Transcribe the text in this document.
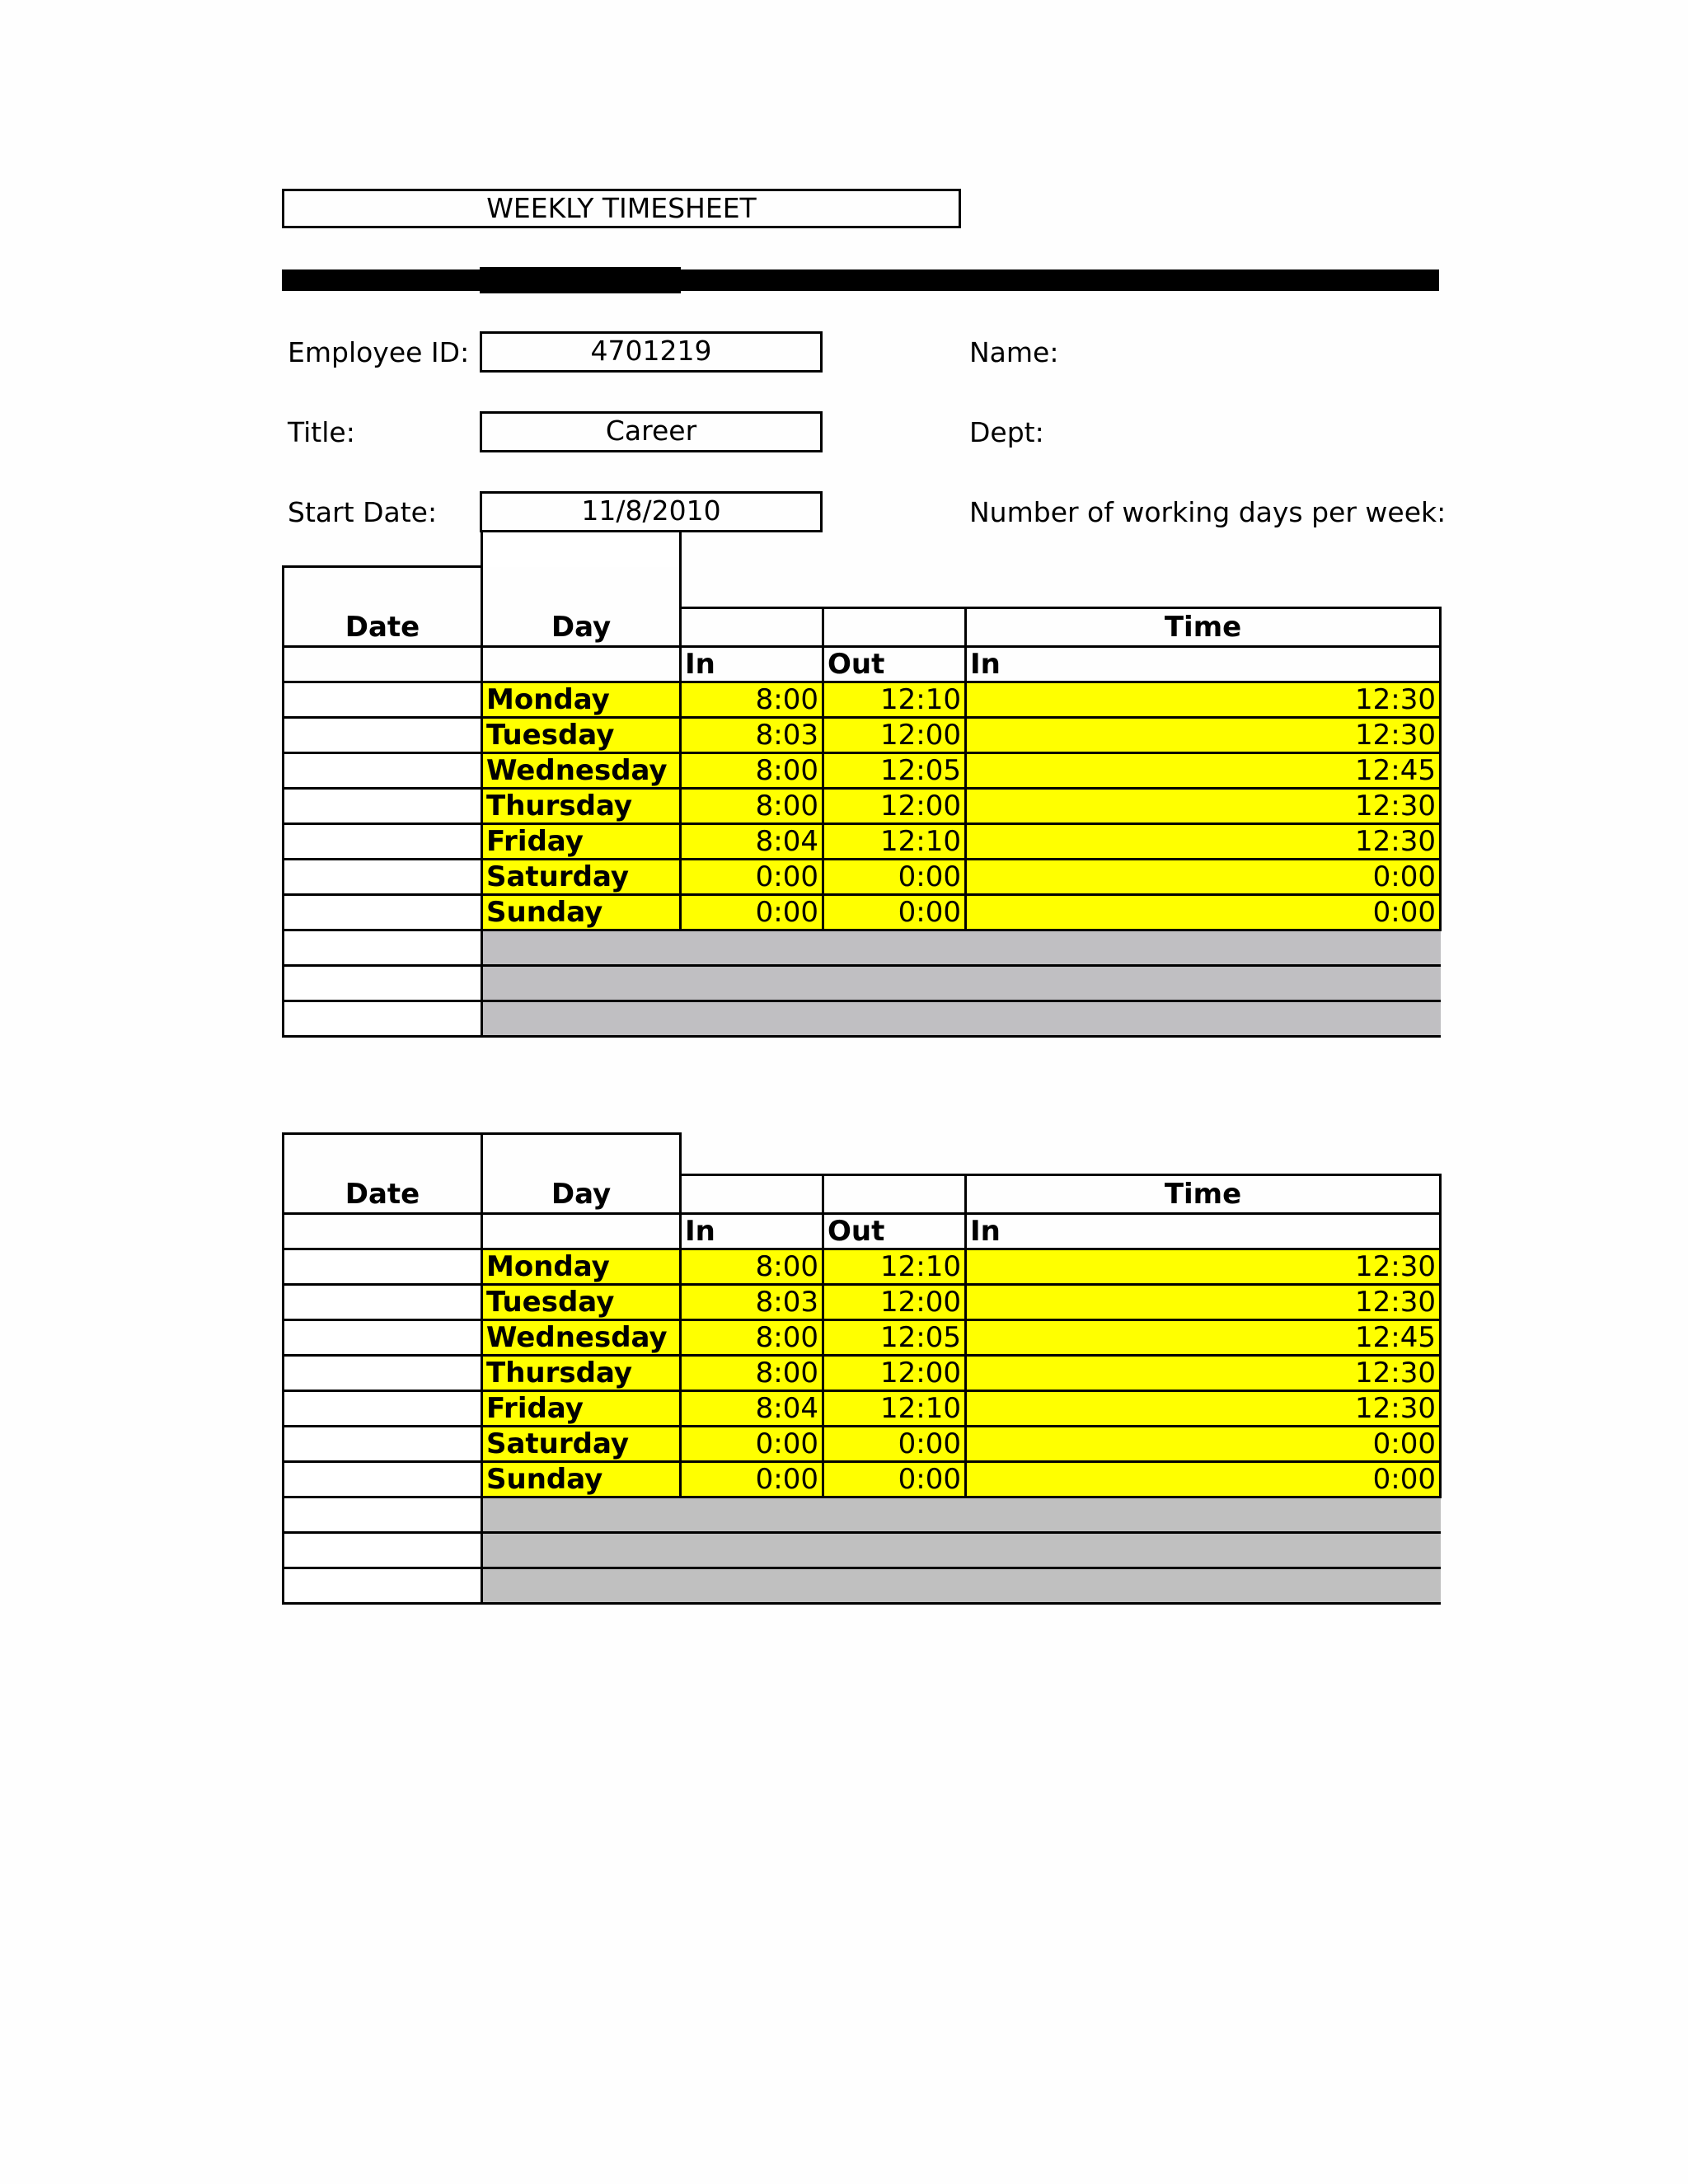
WEEKLY TIMESHEET
Employee ID:	4701219	Name:
Title:	Career	Dept:
Start Date:	11/8/2010	Number of working days per week:

Date	Day			
				Time
		In	Out	In
	Monday	8:00	12:10	12:30
	Tuesday	8:03	12:00	12:30
	Wednesday	8:00	12:05	12:45
	Thursday	8:00	12:00	12:30
	Friday	8:04	12:10	12:30
	Saturday	0:00	0:00	0:00
	Sunday	0:00	0:00	0:00

Date	Day			
				Time
		In	Out	In
	Monday	8:00	12:10	12:30
	Tuesday	8:03	12:00	12:30
	Wednesday	8:00	12:05	12:45
	Thursday	8:00	12:00	12:30
	Friday	8:04	12:10	12:30
	Saturday	0:00	0:00	0:00
	Sunday	0:00	0:00	0:00
